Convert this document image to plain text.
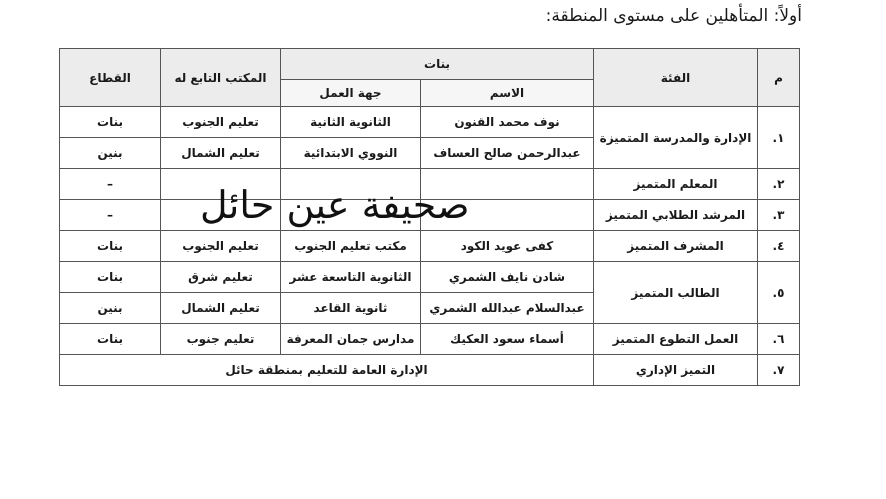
أولاً: المتأهلين على مستوى المنطقة:
م	الفئة	بنات		المكتب التابع له	القطاع
		الاسم	جهة العمل		
١.	الإدارة والمدرسة المتميزة	نوف محمد القنون	الثانوية الثانية	تعليم الجنوب	بنات
		عبدالرحمن صالح العساف	النووي الابتدائية	تعليم الشمال	بنين
٢.	المعلم المتميز				–
٣.	المرشد الطلابي المتميز				–
٤.	المشرف المتميز	كفى عويد الكود	مكتب تعليم الجنوب	تعليم الجنوب	بنات
٥.	الطالب المتميز	شادن نايف الشمري	الثانوية التاسعة عشر	تعليم شرق	بنات
		عبدالسلام عبدالله الشمري	ثانوية القاعد	تعليم الشمال	بنين
٦.	العمل التطوع المتميز	أسماء سعود العكيك	مدارس جمان المعرفة	تعليم جنوب	بنات
٧.	التميز الإداري	الإدارة العامة للتعليم بمنطقة حائل			
صحيفة عين حائل
